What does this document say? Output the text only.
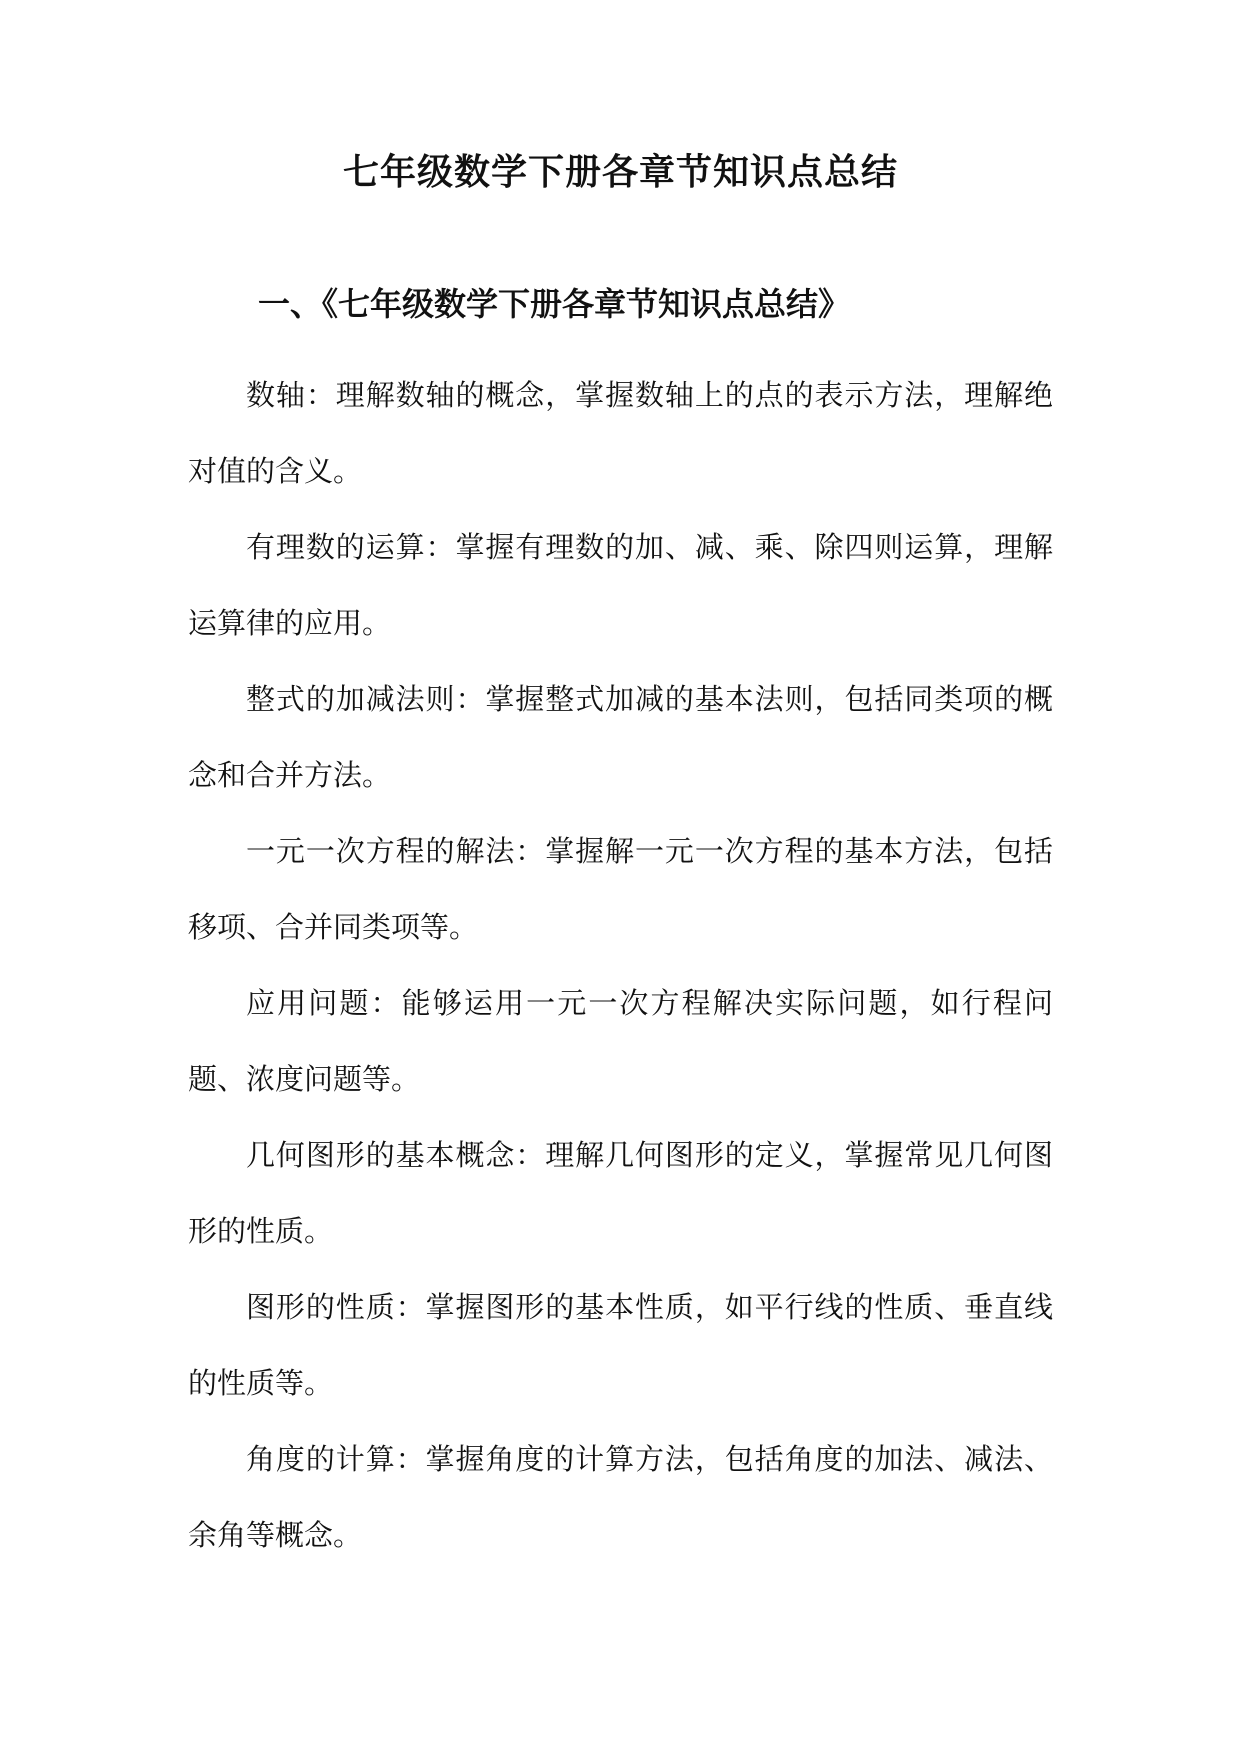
七年级数学下册各章节知识点总结
一、《七年级数学下册各章节知识点总结》

数轴：理解数轴的概念，掌握数轴上的点的表示方法，理解绝对值的含义。

有理数的运算：掌握有理数的加、减、乘、除四则运算，理解运算律的应用。

整式的加减法则：掌握整式加减的基本法则，包括同类项的概念和合并方法。

一元一次方程的解法：掌握解一元一次方程的基本方法，包括移项、合并同类项等。

应用问题：能够运用一元一次方程解决实际问题，如行程问题、浓度问题等。

几何图形的基本概念：理解几何图形的定义，掌握常见几何图形的性质。

图形的性质：掌握图形的基本性质，如平行线的性质、垂直线的性质等。

角度的计算：掌握角度的计算方法，包括角度的加法、减法、余角等概念。
